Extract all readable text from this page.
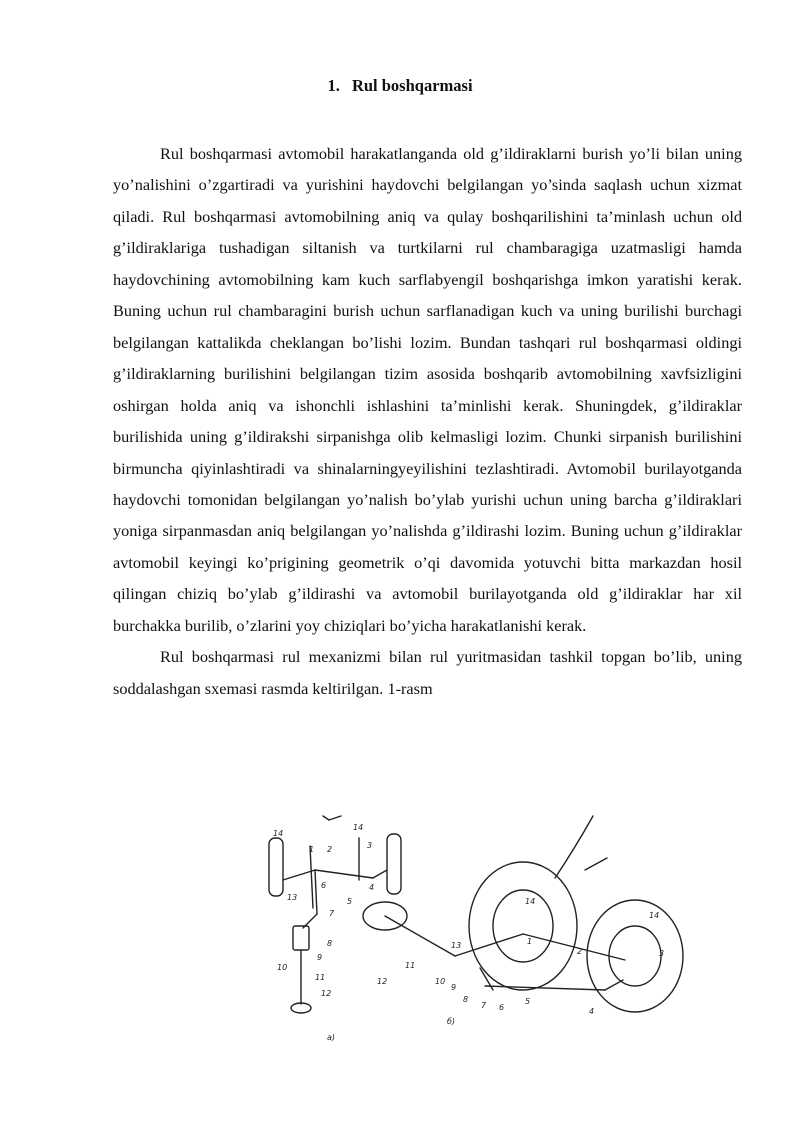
1. Rul boshqarmasi

Rul boshqarmasi avtomobil harakatlanganda old g’ildiraklarni burish yo’li bilan uning yo’nalishini o’zgartiradi va yurishini haydovchi belgilangan yo’sinda saqlash uchun xizmat qiladi. Rul boshqarmasi avtomobilning aniq va qulay boshqarilishini ta’minlash uchun old g’ildiraklariga tushadigan siltanish va turtkilarni rul chambaragiga uzatmasligi hamda haydovchining avtomobilning kam kuch sarflabyengil boshqarishga imkon yaratishi kerak. Buning uchun rul chambaragini burish uchun sarflanadigan kuch va uning burilishi burchagi belgilangan kattalikda cheklangan bo’lishi lozim. Bundan tashqari rul boshqarmasi oldingi g’ildiraklarning burilishini belgilangan tizim asosida boshqarib avtomobilning xavfsizligini oshirgan holda aniq va ishonchli ishlashini ta’minlishi kerak. Shuningdek, g’ildiraklar burilishida uning g’ildirakshi sirpanishga olib kelmasligi lozim. Chunki sirpanish burilishini birmuncha qiyinlashtiradi va shinalarningyeyilishini tezlashtiradi. Avtomobil burilayotganda haydovchi tomonidan belgilangan yo’nalish bo’ylab yurishi uchun uning barcha g’ildiraklari yoniga sirpanmasdan aniq belgilangan yo’nalishda g’ildirashi lozim. Buning uchun g’ildiraklar avtomobil keyingi ko’prigining geometrik o’qi davomida yotuvchi bitta markazdan hosil qilingan chiziq bo’ylab g’ildirashi va avtomobil burilayotganda old g’ildiraklar har xil burchakka burilib, o’zlarini yoy chiziqlari bo’yicha harakatlanishi kerak.

Rul boshqarmasi rul mexanizmi bilan rul yuritmasidan tashkil topgan bo’lib, uning soddalashgan sxemasi rasmda keltirilgan. 1-rasm

14
1 2
14
3
13
6	4
5
7
8
9
10
11
12
14
1
14
2	3
13
11
12	10
9
8
7 6
5
4
a)
б)
